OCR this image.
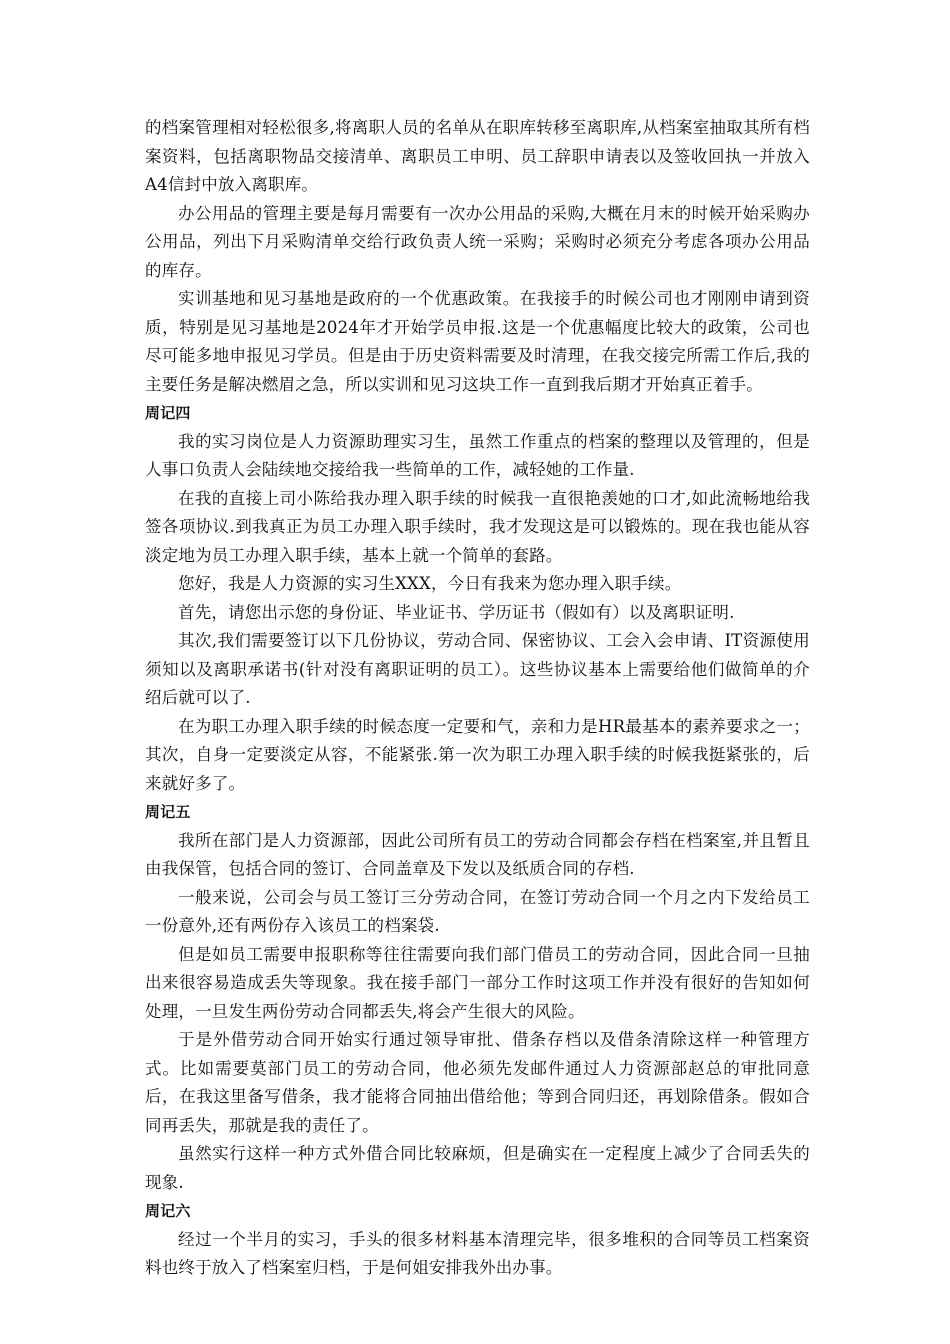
的档案管理相对轻松很多,将离职人员的名单从在职库转移至离职库,从档案室抽取其所有档案资料，包括离职物品交接清单、离职员工申明、员工辞职申请表以及签收回执一并放入A4信封中放入离职库。

办公用品的管理主要是每月需要有一次办公用品的采购,大概在月末的时候开始采购办公用品，列出下月采购清单交给行政负责人统一采购；采购时必须充分考虑各项办公用品的库存。

实训基地和见习基地是政府的一个优惠政策。在我接手的时候公司也才刚刚申请到资质，特别是见习基地是2024年才开始学员申报.这是一个优惠幅度比较大的政策，公司也尽可能多地申报见习学员。但是由于历史资料需要及时清理，在我交接完所需工作后,我的主要任务是解决燃眉之急，所以实训和见习这块工作一直到我后期才开始真正着手。

周记四

我的实习岗位是人力资源助理实习生，虽然工作重点的档案的整理以及管理的，但是人事口负责人会陆续地交接给我一些简单的工作，减轻她的工作量.

在我的直接上司小陈给我办理入职手续的时候我一直很艳羡她的口才,如此流畅地给我签各项协议.到我真正为员工办理入职手续时，我才发现这是可以锻炼的。现在我也能从容淡定地为员工办理入职手续，基本上就一个简单的套路。

您好，我是人力资源的实习生XXX，今日有我来为您办理入职手续。

首先，请您出示您的身份证、毕业证书、学历证书（假如有）以及离职证明.

其次,我们需要签订以下几份协议，劳动合同、保密协议、工会入会申请、IT资源使用须知以及离职承诺书(针对没有离职证明的员工）。这些协议基本上需要给他们做简单的介绍后就可以了.

在为职工办理入职手续的时候态度一定要和气，亲和力是HR最基本的素养要求之一；其次，自身一定要淡定从容，不能紧张.第一次为职工办理入职手续的时候我挺紧张的，后来就好多了。

周记五

我所在部门是人力资源部，因此公司所有员工的劳动合同都会存档在档案室,并且暂且由我保管，包括合同的签订、合同盖章及下发以及纸质合同的存档.

一般来说，公司会与员工签订三分劳动合同，在签订劳动合同一个月之内下发给员工一份意外,还有两份存入该员工的档案袋.

但是如员工需要申报职称等往往需要向我们部门借员工的劳动合同，因此合同一旦抽出来很容易造成丢失等现象。我在接手部门一部分工作时这项工作并没有很好的告知如何处理，一旦发生两份劳动合同都丢失,将会产生很大的风险。

于是外借劳动合同开始实行通过领导审批、借条存档以及借条清除这样一种管理方式。比如需要莫部门员工的劳动合同，他必须先发邮件通过人力资源部赵总的审批同意后，在我这里备写借条，我才能将合同抽出借给他；等到合同归还，再划除借条。假如合同再丢失，那就是我的责任了。

虽然实行这样一种方式外借合同比较麻烦，但是确实在一定程度上减少了合同丢失的现象.

周记六

经过一个半月的实习，手头的很多材料基本清理完毕，很多堆积的合同等员工档案资料也终于放入了档案室归档，于是何姐安排我外出办事。
